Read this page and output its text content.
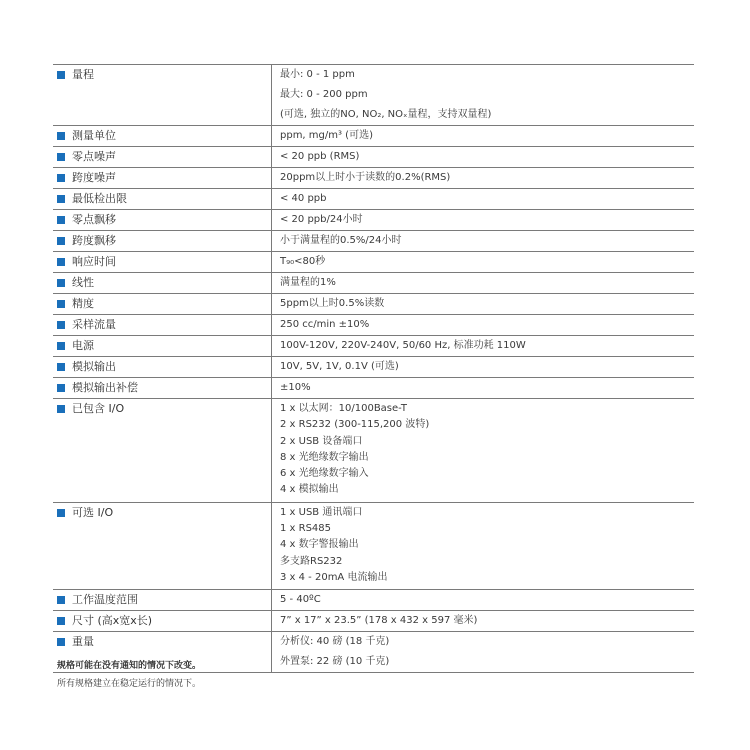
量程	最小: 0 - 1 ppm
最大: 0 - 200 ppm
(可选, 独立的NO, NO₂, NOₓ量程，支持双量程)
测量单位	ppm, mg/m³ (可选)
零点噪声	< 20 ppb (RMS)
跨度噪声	20ppm以上时小于读数的0.2%(RMS)
最低检出限	< 40 ppb
零点飘移	< 20 ppb/24小时
跨度飘移	小于满量程的0.5%/24小时
响应时间	T₉₀<80秒
线性	满量程的1%
精度	5ppm以上时0.5%读数
采样流量	250 cc/min ±10%
电源	100V-120V, 220V-240V, 50/60 Hz, 标准功耗 110W
模拟输出	10V, 5V, 1V, 0.1V (可选)
模拟输出补偿	±10%
已包含 I/O	1 x 以太网：10/100Base-T
2 x RS232 (300-115,200 波特)
2 x USB 设备端口
8 x 光绝缘数字输出
6 x 光绝缘数字输入
4 x 模拟输出
可选 I/O	1 x USB 通讯端口
1 x RS485
4 x 数字警报输出
多支路RS232
3 x 4 - 20mA 电流输出
工作温度范围	5 - 40ºC
尺寸 (高x宽x长)	7” x 17” x 23.5” (178 x 432 x 597 毫米)
重量	分析仪: 40 磅 (18 千克)
外置泵: 22 磅 (10 千克)
规格可能在没有通知的情况下改变。
所有规格建立在稳定运行的情况下。
